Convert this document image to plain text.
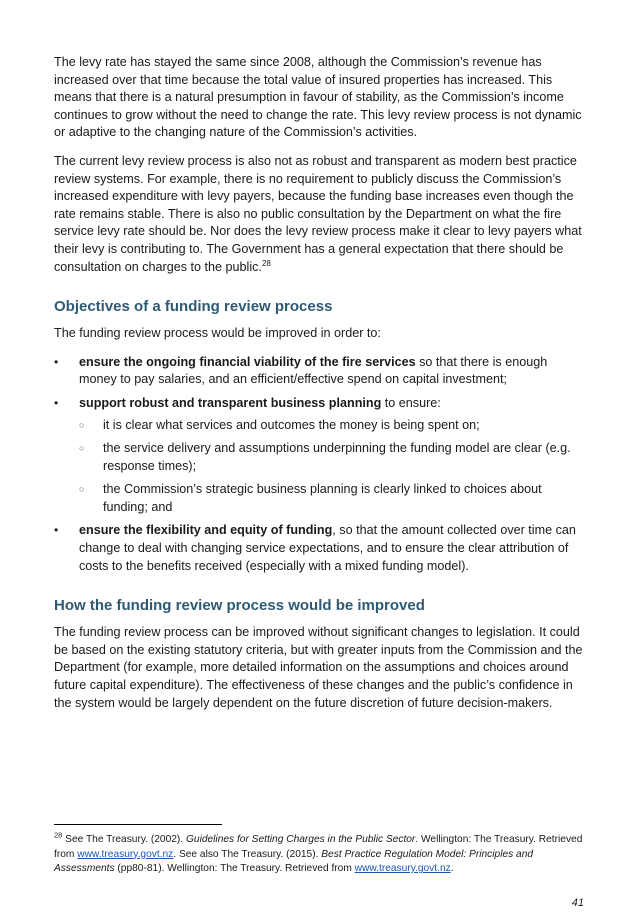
The levy rate has stayed the same since 2008, although the Commission’s revenue has increased over that time because the total value of insured properties has increased. This means that there is a natural presumption in favour of stability, as the Commission’s income continues to grow without the need to change the rate. This levy review process is not dynamic or adaptive to the changing nature of the Commission’s activities.

The current levy review process is also not as robust and transparent as modern best practice review systems. For example, there is no requirement to publicly discuss the Commission’s increased expenditure with levy payers, because the funding base increases even though the rate remains stable. There is also no public consultation by the Department on what the fire service levy rate should be. Nor does the levy review process make it clear to levy payers what their levy is contributing to. The Government has a general expectation that there should be consultation on charges to the public.$^{28}$

Objectives of a funding review process

The funding review process would be improved in order to:

• ensure the ongoing financial viability of the fire services so that there is enough money to pay salaries, and an efficient/effective spend on capital investment;
• support robust and transparent business planning to ensure:
○ it is clear what services and outcomes the money is being spent on;
○ the service delivery and assumptions underpinning the funding model are clear (e.g. response times);
○ the Commission’s strategic business planning is clearly linked to choices about funding; and
• ensure the flexibility and equity of funding, so that the amount collected over time can change to deal with changing service expectations, and to ensure the clear attribution of costs to the benefits received (especially with a mixed funding model).
How the funding review process would be improved

The funding review process can be improved without significant changes to legislation. It could be based on the existing statutory criteria, but with greater inputs from the Commission and the Department (for example, more detailed information on the assumptions and choices around future capital expenditure). The effectiveness of these changes and the public’s confidence in the system would be largely dependent on the future discretion of future decision-makers.

$^{28}$ See The Treasury. (2002). Guidelines for Setting Charges in the Public Sector. Wellington: The Treasury. Retrieved from www.treasury.govt.nz. See also The Treasury. (2015). Best Practice Regulation Model: Principles and Assessments (pp80-81). Wellington: The Treasury. Retrieved from www.treasury.govt.nz.
41
